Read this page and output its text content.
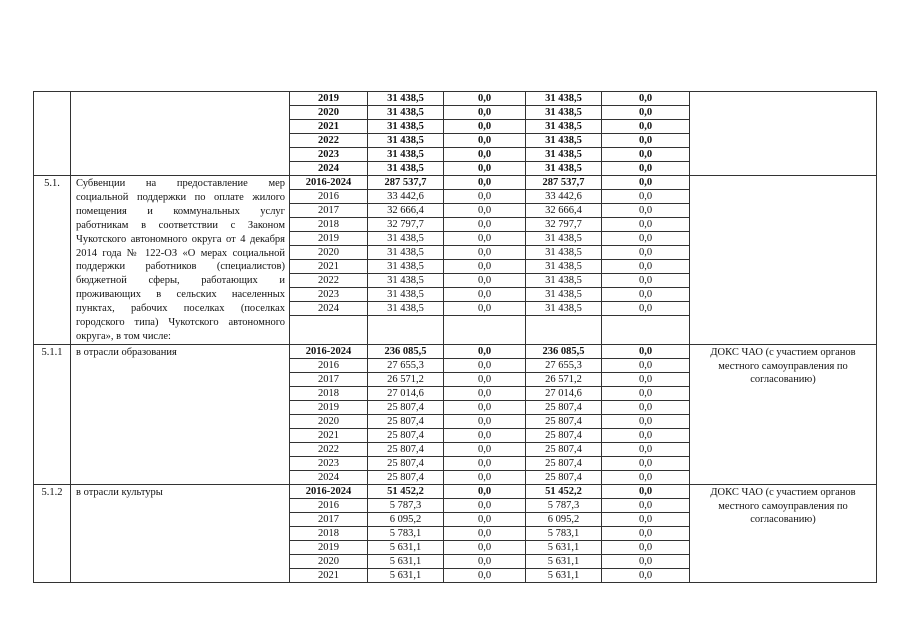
		2019	31 438,5	0,0	31 438,5	0,0	
		2020	31 438,5	0,0	31 438,5	0,0	
		2021	31 438,5	0,0	31 438,5	0,0	
		2022	31 438,5	0,0	31 438,5	0,0	
		2023	31 438,5	0,0	31 438,5	0,0	
		2024	31 438,5	0,0	31 438,5	0,0	
5.1.	Субвенции на предоставление мер социальной поддержки по оплате жилого помещения и коммунальных услуг работникам в соответствии с Законом Чукотского автономного округа от 4 декабря 2014 года № 122-ОЗ «О мерах социальной поддержки работников (специалистов) бюджетной сферы, работающих и проживающих в сельских населенных пунктах, рабочих поселках (поселках городского типа) Чукотского автономного округа», в том числе:	2016-2024	287 537,7	0,0	287 537,7	0,0	
		2016	33 442,6	0,0	33 442,6	0,0	
		2017	32 666,4	0,0	32 666,4	0,0	
		2018	32 797,7	0,0	32 797,7	0,0	
		2019	31 438,5	0,0	31 438,5	0,0	
		2020	31 438,5	0,0	31 438,5	0,0	
		2021	31 438,5	0,0	31 438,5	0,0	
		2022	31 438,5	0,0	31 438,5	0,0	
		2023	31 438,5	0,0	31 438,5	0,0	
		2024	31 438,5	0,0	31 438,5	0,0	

5.1.1	в отрасли образования	2016-2024	236 085,5	0,0	236 085,5	0,0	ДОКС ЧАО (с участием органов местного самоуправления по согласованию)
		2016	27 655,3	0,0	27 655,3	0,0	
		2017	26 571,2	0,0	26 571,2	0,0	
		2018	27 014,6	0,0	27 014,6	0,0	
		2019	25 807,4	0,0	25 807,4	0,0	
		2020	25 807,4	0,0	25 807,4	0,0	
		2021	25 807,4	0,0	25 807,4	0,0	
		2022	25 807,4	0,0	25 807,4	0,0	
		2023	25 807,4	0,0	25 807,4	0,0	
		2024	25 807,4	0,0	25 807,4	0,0	
5.1.2	в отрасли культуры	2016-2024	51 452,2	0,0	51 452,2	0,0	ДОКС ЧАО (с участием органов местного самоуправления по согласованию)
		2016	5 787,3	0,0	5 787,3	0,0	
		2017	6 095,2	0,0	6 095,2	0,0	
		2018	5 783,1	0,0	5 783,1	0,0	
		2019	5 631,1	0,0	5 631,1	0,0	
		2020	5 631,1	0,0	5 631,1	0,0	
		2021	5 631,1	0,0	5 631,1	0,0	
